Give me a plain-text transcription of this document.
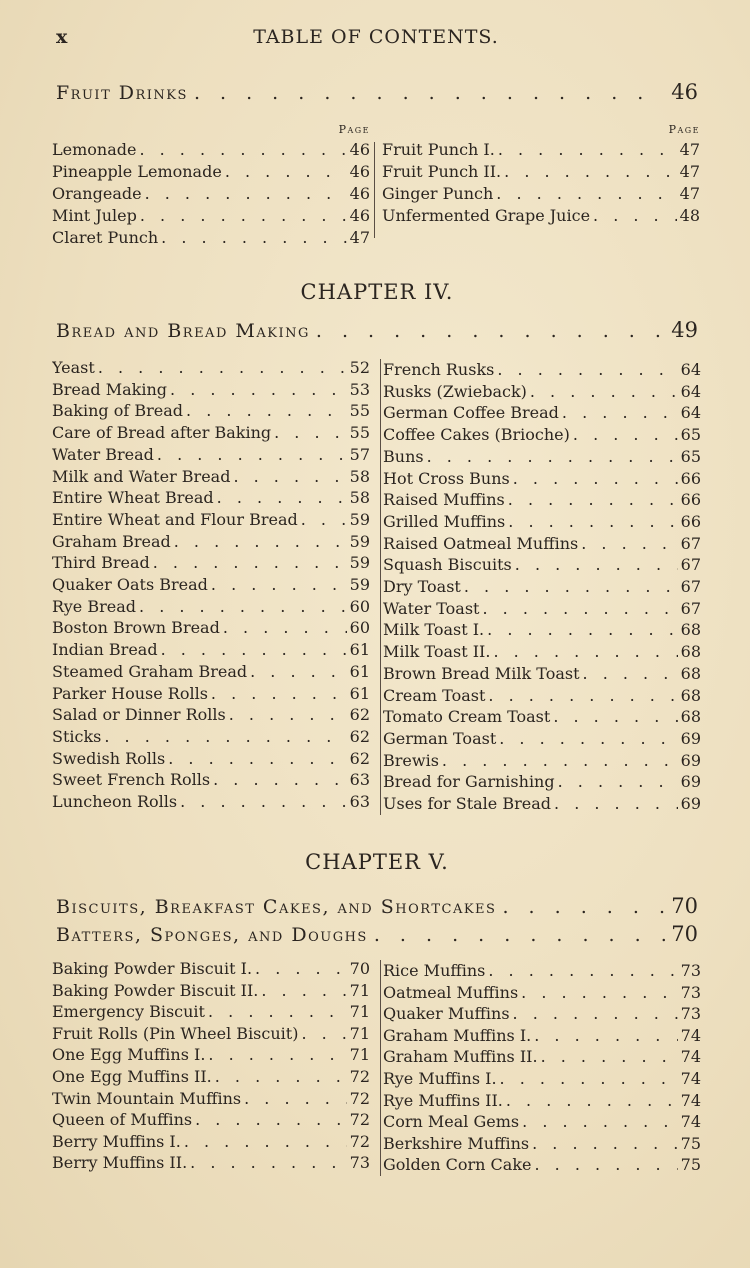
x	TABLE OF CONTENTS.
Fruit Drinks . . .	46
Page
Lemonade . . .	46
Pineapple Lemonade . . .	46
Orangeade . . .	46
Mint Julep . . .	46
Claret Punch . . .	47
Page
Fruit Punch I. . . .	47
Fruit Punch II. . . .	47
Ginger Punch . . .	47
Unfermented Grape Juice . . .	48
CHAPTER IV.
Bread and Bread Making . . .	49
Yeast . . .	52
Bread Making . . .	53
Baking of Bread . . .	55
Care of Bread after Baking . . .	55
Water Bread . . .	57
Milk and Water Bread . . .	58
Entire Wheat Bread . . .	58
Entire Wheat and Flour Bread . . .	59
Graham Bread . . .	59
Third Bread . . .	59
Quaker Oats Bread . . .	59
Rye Bread . . .	60
Boston Brown Bread . . .	60
Indian Bread . . .	61
Steamed Graham Bread . . .	61
Parker House Rolls . . .	61
Salad or Dinner Rolls . . .	62
Sticks . . .	62
Swedish Rolls . . .	62
Sweet French Rolls . . .	63
Luncheon Rolls . . .	63
French Rusks . . .	64
Rusks (Zwieback) . . .	64
German Coffee Bread . . .	64
Coffee Cakes (Brioche) . . .	65
Buns . . .	65
Hot Cross Buns . . .	66
Raised Muffins . . .	66
Grilled Muffins . . .	66
Raised Oatmeal Muffins . . .	67
Squash Biscuits . . .	67
Dry Toast . . .	67
Water Toast . . .	67
Milk Toast I. . . .	68
Milk Toast II. . . .	68
Brown Bread Milk Toast . . .	68
Cream Toast . . .	68
Tomato Cream Toast . . .	68
German Toast . . .	69
Brewis . . .	69
Bread for Garnishing . . .	69
Uses for Stale Bread . . .	69
CHAPTER V.
Biscuits, Breakfast Cakes, and Shortcakes . . .	70
Batters, Sponges, and Doughs . . .	70
Baking Powder Biscuit I. . . .	70
Baking Powder Biscuit II. . . .	71
Emergency Biscuit . . .	71
Fruit Rolls (Pin Wheel Biscuit) . . .	71
One Egg Muffins I. . . .	71
One Egg Muffins II. . . .	72
Twin Mountain Muffins . . .	72
Queen of Muffins . . .	72
Berry Muffins I. . . .	72
Berry Muffins II. . . .	73
Rice Muffins . . .	73
Oatmeal Muffins . . .	73
Quaker Muffins . . .	73
Graham Muffins I. . . .	74
Graham Muffins II. . . .	74
Rye Muffins I. . . .	74
Rye Muffins II. . . .	74
Corn Meal Gems . . .	74
Berkshire Muffins . . .	75
Golden Corn Cake . . .	75
